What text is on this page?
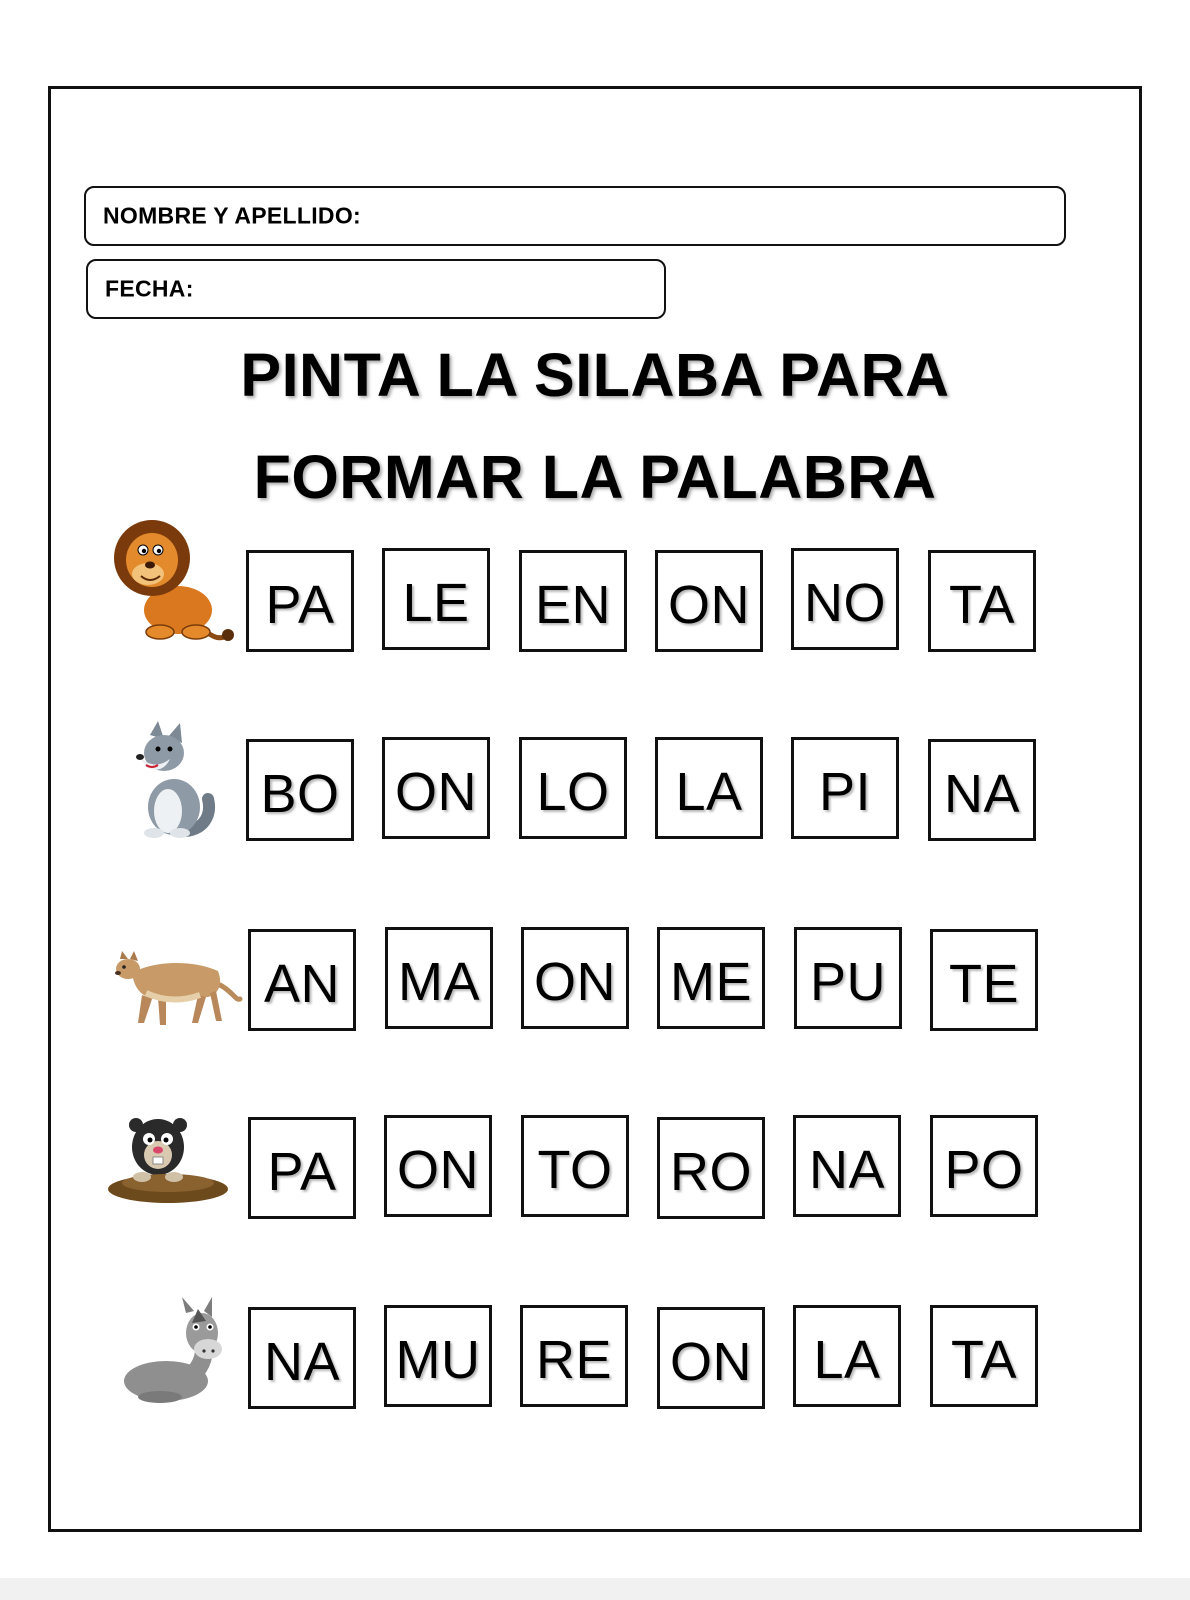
NOMBRE Y APELLIDO:
FECHA:
PINTA LA SILABA PARA
FORMAR LA PALABRA
PA	LE	EN ON NO	TA
BO ON	LO	LA	PI	NA
AN MA ON ME PU	TE
PA	ON	TO	RO NA PO
NA MU RE ON	LA	TA
